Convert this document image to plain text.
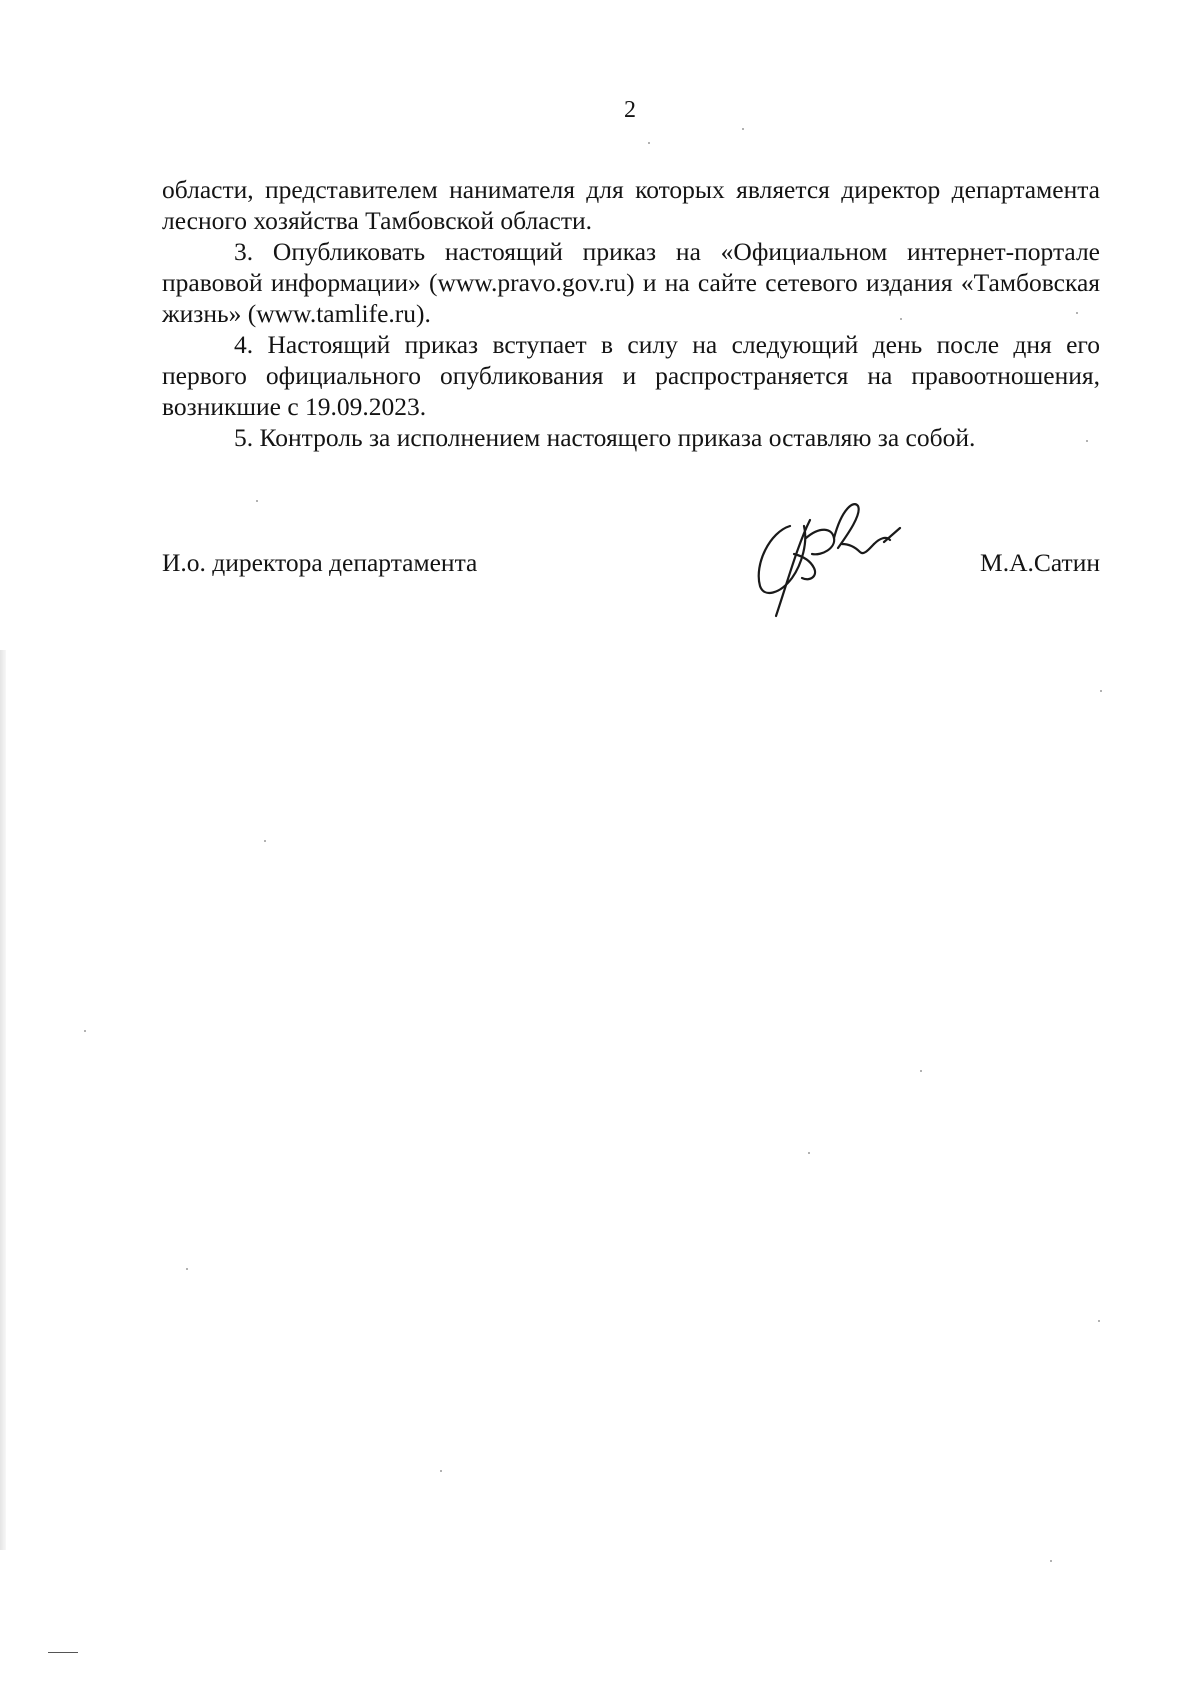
2

области, представителем нанимателя для которых является директор департамента лесного хозяйства Тамбовской области.

3. Опубликовать настоящий приказ на «Официальном интернет-портале правовой информации» (www.pravo.gov.ru) и на сайте сетевого издания «Тамбовская жизнь» (www.tamlife.ru).

4. Настоящий приказ вступает в силу на следующий день после дня его первого официального опубликования и распространяется на правоотношения, возникшие с 19.09.2023.

5. Контроль за исполнением настоящего приказа оставляю за собой.

И.о. директора департамента	М.А.Сатин
